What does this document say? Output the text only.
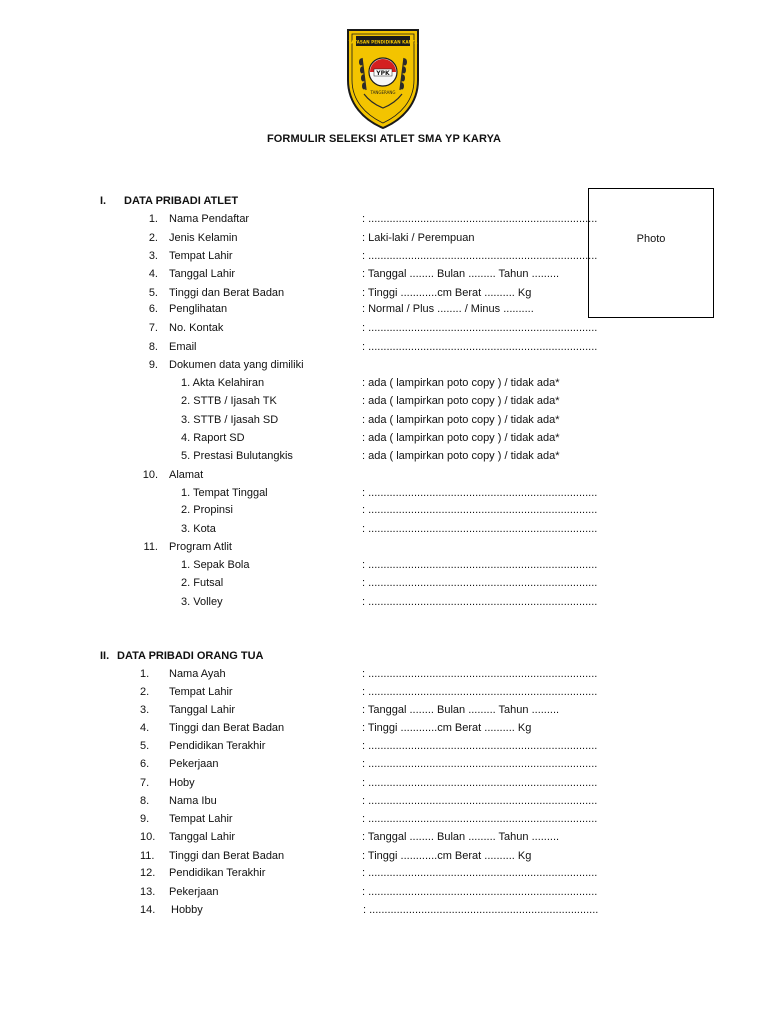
YAYASAN PENDIDIKAN KARYA
YPK
TANGERANG
FORMULIR SELEKSI ATLET SMA YP KARYA
Photo
I. DATA PRIBADI ATLET
1. Nama Pendaftar	: ...........................................................................
2. Jenis Kelamin	: Laki-laki / Perempuan
3. Tempat Lahir	: ...........................................................................
4. Tanggal Lahir	: Tanggal ........ Bulan ......... Tahun .........
5. Tinggi dan Berat Badan	: Tinggi ............cm Berat .......... Kg
6. Penglihatan	: Normal / Plus ........ / Minus ..........
7. No. Kontak	: ...........................................................................
8. Email	: ...........................................................................
9. Dokumen data yang dimiliki
1. Akta Kelahiran	: ada ( lampirkan poto copy ) / tidak ada*
2. STTB / Ijasah TK	: ada ( lampirkan poto copy ) / tidak ada*
3. STTB / Ijasah SD	: ada ( lampirkan poto copy ) / tidak ada*
4. Raport SD	: ada ( lampirkan poto copy ) / tidak ada*
5. Prestasi Bulutangkis	: ada ( lampirkan poto copy ) / tidak ada*
10. Alamat
1. Tempat Tinggal	: ...........................................................................
2. Propinsi	: ...........................................................................
3. Kota	: ...........................................................................
11. Program Atlit
1. Sepak Bola	: ...........................................................................
2. Futsal	: ...........................................................................
3. Volley	: ...........................................................................
II. DATA PRIBADI ORANG TUA
1. Nama Ayah	: ...........................................................................
2. Tempat Lahir	: ...........................................................................
3. Tanggal Lahir	: Tanggal ........ Bulan ......... Tahun .........
4. Tinggi dan Berat Badan	: Tinggi ............cm Berat .......... Kg
5. Pendidikan Terakhir	: ...........................................................................
6. Pekerjaan	: ...........................................................................
7. Hoby	: ...........................................................................
8. Nama Ibu	: ...........................................................................
9. Tempat Lahir	: ...........................................................................
10. Tanggal Lahir	: Tanggal ........ Bulan ......... Tahun .........
11. Tinggi dan Berat Badan	: Tinggi ............cm Berat .......... Kg
12. Pendidikan Terakhir	: ...........................................................................
13. Pekerjaan	: ...........................................................................
14. Hobby	: ...........................................................................
